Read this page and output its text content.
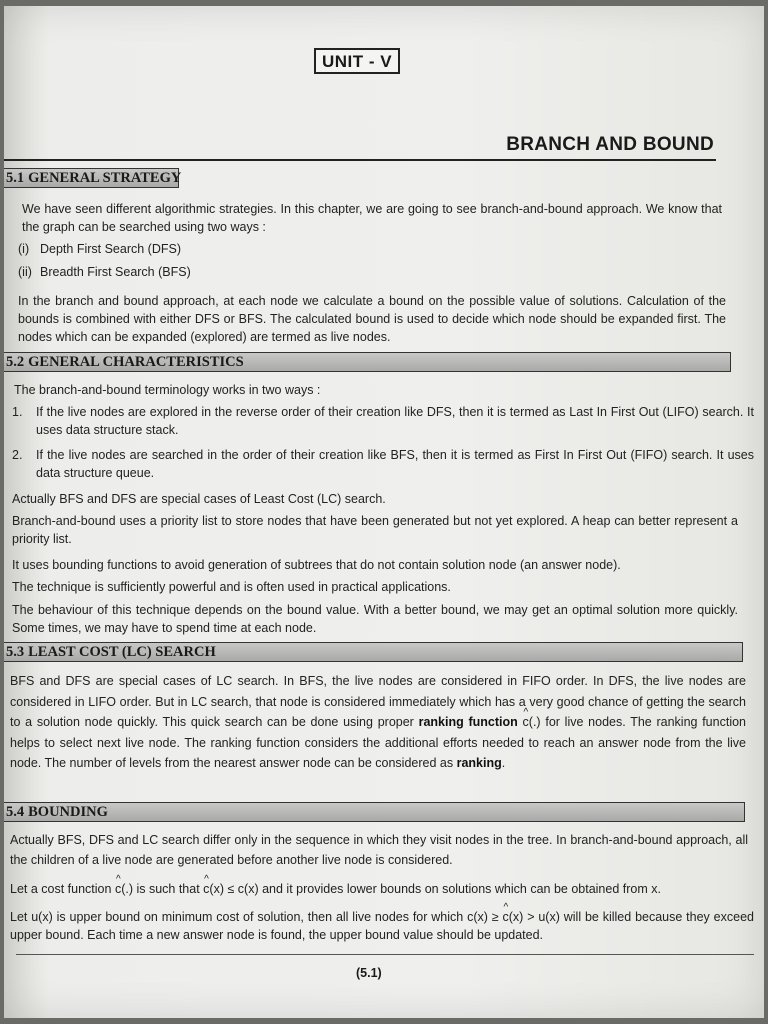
UNIT - V
BRANCH AND BOUND
5.1 GENERAL STRATEGY
We have seen different algorithmic strategies. In this chapter, we are going to see branch-and-bound approach. We know that the graph can be searched using two ways :
(i) Depth First Search (DFS)
(ii) Breadth First Search (BFS)
In the branch and bound approach, at each node we calculate a bound on the possible value of solutions. Calculation of the bounds is combined with either DFS or BFS. The calculated bound is used to decide which node should be expanded first. The nodes which can be expanded (explored) are termed as live nodes.
5.2 GENERAL CHARACTERISTICS
The branch-and-bound terminology works in two ways :
1. If the live nodes are explored in the reverse order of their creation like DFS, then it is termed as Last In First Out (LIFO) search. It uses data structure stack.
2. If the live nodes are searched in the order of their creation like BFS, then it is termed as First In First Out (FIFO) search. It uses data structure queue.
Actually BFS and DFS are special cases of Least Cost (LC) search.
Branch-and-bound uses a priority list to store nodes that have been generated but not yet explored. A heap can better represent a priority list.
It uses bounding functions to avoid generation of subtrees that do not contain solution node (an answer node).
The technique is sufficiently powerful and is often used in practical applications.
The behaviour of this technique depends on the bound value. With a better bound, we may get an optimal solution more quickly. Some times, we may have to spend time at each node.
5.3 LEAST COST (LC) SEARCH
BFS and DFS are special cases of LC search. In BFS, the live nodes are considered in FIFO order. In DFS, the live nodes are considered in LIFO order. But in LC search, that node is considered immediately which has a very good chance of getting the search to a solution node quickly. This quick search can be done using proper ranking function ^ c(.) for live nodes. The ranking function helps to select next live node. The ranking function considers the additional efforts needed to reach an answer node from the live node. The number of levels from the nearest answer node can be considered as ranking.
5.4 BOUNDING
Actually BFS, DFS and LC search differ only in the sequence in which they visit nodes in the tree. In branch-and-bound approach, all the children of a live node are generated before another live node is considered.
Let a cost function ^ c(.) is such that ^ c(x) ≤ c(x) and it provides lower bounds on solutions which can be obtained from x.
Let u(x) is upper bound on minimum cost of solution, then all live nodes for which c(x) ≥ ^ c(x) > u(x) will be killed because they exceed upper bound. Each time a new answer node is found, the upper bound value should be updated.
(5.1)
